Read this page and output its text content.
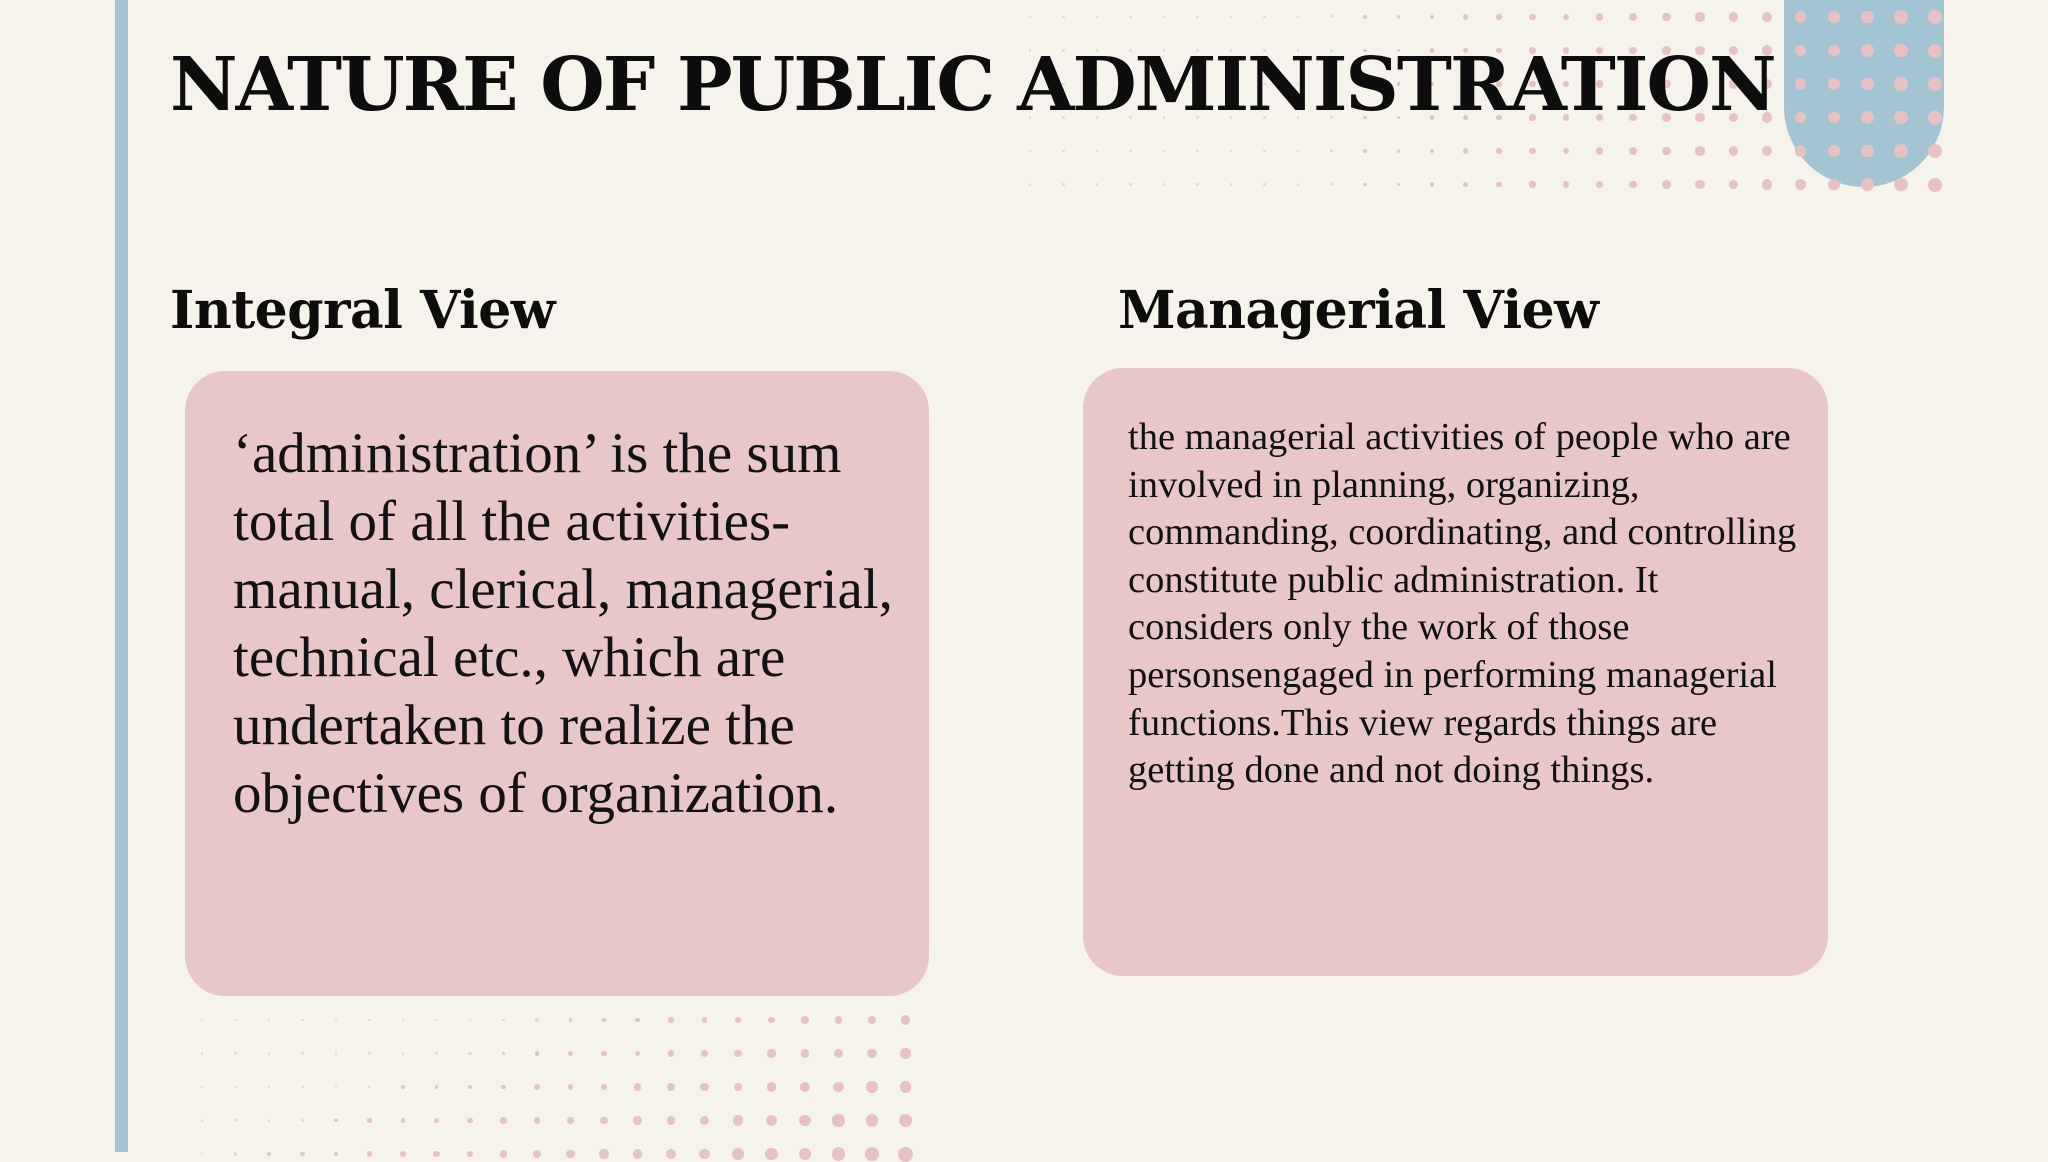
NATURE OF PUBLIC ADMINISTRATION
Integral View	Managerial View

‘administration’ is the sum total of all the activities- manual, clerical, managerial, technical etc., which are undertaken to realize the objectives of organization.

the managerial activities of people who are involved in planning, organizing, commanding, coordinating, and controlling constitute public administration. It considers only the work of those personsengaged in performing managerial functions.This view regards things are getting done and not doing things.
